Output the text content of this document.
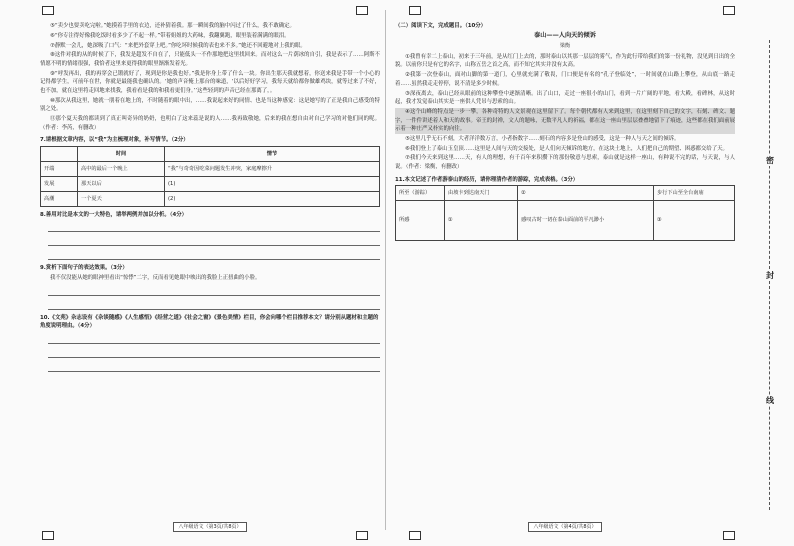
⑤“卖少也要卖吃完啦。”她摸着手里的衣边，还补猜着我。那一瞬间我的脑中闪过了什么，我不敢确定。

⑥“你专注得好像我吃饭时看多少了不起一样。”带着姐姐的大药味，我翻翼跑，眼里装着满满的眼泪。

⑦静默一会儿，她深吸了口气：“来把外套穿上吧。”你吃坏时候我的表也来不多。”她还不回避地对上我的眼。

⑧这件对我的从的时候了下，我发是超发不自在了，只能低头一不作那地把这里找回来。而对这么一片荫冰的自引，我是表示了……阿斯不情愿不明的情绪很强，我恰者这里来更得我的眼里渐渐发着光。

⑨“呼发再出，我的再穿会已锻就好了，现到是你是我也好。”我是你身上带了什么一块。你出生那天我就想着，你送来我是手带一个小心的记得都学生，可前年在世，你就是最能我也确认的。‘她的声音掩上那台的味道，‘以后好好学习，我每天就给都你做雄鸡块，就等过来了不好，也不加，就在这里将走回地来找我，我看看是我的和我看更们身。’’这些轻到的声音已经在那离了，。

⑩那次从我这里，她就一朋着在地上的，不时随着的眼中出，……我说起来好的同情、也是当这种感觉：这是她写的了正是我自己感受的特别之处。

⑪那个夏天我的都读到了真正叫奇异的奶奶，也明白了这来蕊是说的人……我再致敬她，后来的我在想自由对自己学习的对他们同的呢。（作者：李芮，有删改）

7.请根据文章内容，以“我”为主梳理对象，补写情节。（2分）
	时间	情节
开端	高中的最后一个晚上	“我”与奇奇因吃菜问题发生冲突，家庭摩擦升
发展	那天以后	(1)
高潮	一个夏天	(2)
8.善用对比是本文的一大特色，请举两例并加以分析。（4分）
9.赏析下面句子的表达效果。（3分）

我不仅没能从她的眼神里看出“惊悸”二字，反而看见她眼中映出的我脸上正扭曲的小脸。

10.《文苑》杂志设有《杂谈随感》《人生感悟》《经营之道》《社会之窗》《景色美情》栏目，你会向哪个栏目推荐本文？请分别从题材和主题的角度说明理由。（4分）
八年级语文（第3页/共8页）
（二）阅读下文，完成题目。（10分）
泰山——人向天的倾诉
梁衡

①我曾有幸二上泰山，初来于三年前，是从红门上去的，那时泰山以其那一层层的雾气，作为此行带给我们的第一份礼物，没见到日出的全貌。以前你只是有它的名字，山称五岳之首之高，而不知它其实并没有太高。

②我第一次登泰山，面对山脚的第一道门，心里就充满了敬畏，门口便是有名的“孔子登临处”，一时间就在山路上攀登，从山底一路走着……虽然我走走停停，说不清是多少时候。

③深夜离去，泰山已经从眼前的这种攀登中逐渐清晰。出了山口，走过一座很小的山门，看到一片广阔的平地，看大殿，看碑林，从这时起，我才发觉泰山其实是一座供人凭吊与思索的山。

④这个山峰的特点是一步一攀，各种奇特的人文景观在这里留下了。每个朝代都有人来到这里，在这里刻下自己的文字，石刻、碑文、题字，一件件讲述着人和天的故事。帝王的封禅，文人的题咏，无数平凡人的祈福，都在这一座山里层层叠叠地留下了痕迹，这些都在我们面前展示着一种庄严又朴实的向往。

⑤这里几乎无石不刻，大者洋洋数万言，小者指数字……刻石的内容多是登山的感受，这是一种人与天之间的倾诉。

⑥我们登上了泰山玉皇顶……这里是人间与天的交接处，是人们向天倾诉的地方，在这块土地上，人们把自己的期望、困惑都交给了天。

⑦我们今天来到这里……天，有人的理想，有千百年来积攒下的那份敬意与思索，泰山就是这样一座山，有种说不完的话，与天说，与人说。（作者：梁衡，有删改）

11.本文记述了作者游泰山的经历，请你理清作者的游踪，完成表格。（3分）
所至（游踪）	由坡卡到达南天门	②	步行下山至全台南庙
所感	①	感叹古时一切在泰山面前的平凡渺小	③
八年级语文（第4页/共8页）
密
封
线
